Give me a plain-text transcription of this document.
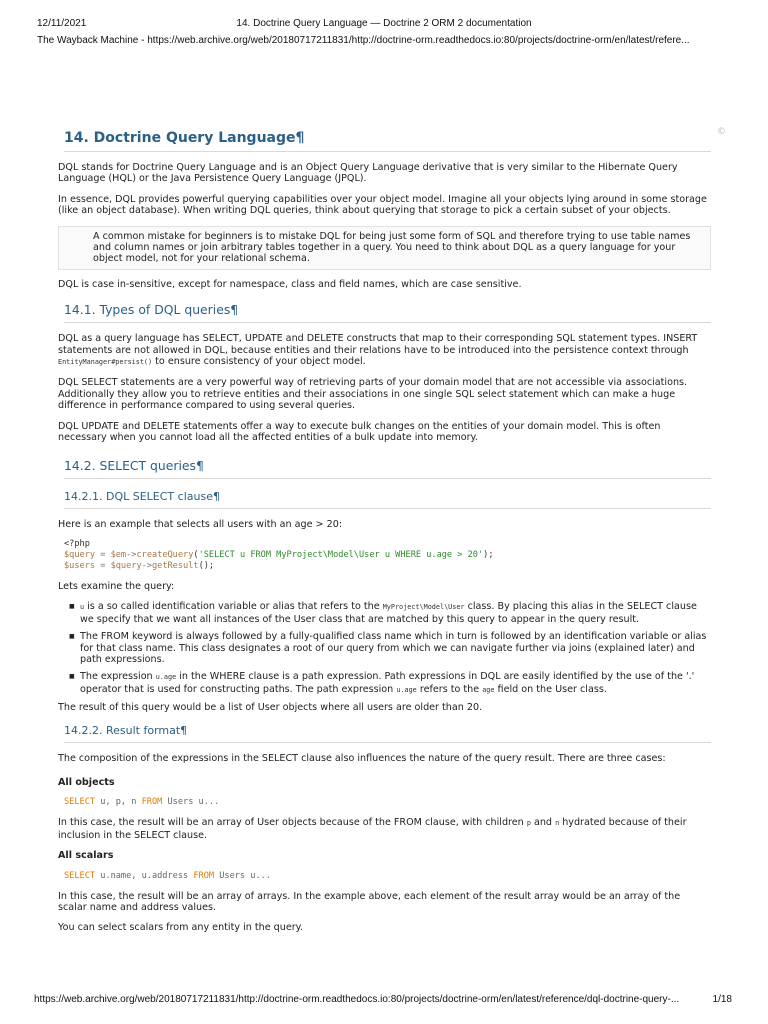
12/11/2021	14. Doctrine Query Language — Doctrine 2 ORM 2 documentation
The Wayback Machine - https://web.archive.org/web/20180717211831/http://doctrine-orm.readthedocs.io:80/projects/doctrine-orm/en/latest/refere...
©
14. Doctrine Query Language¶

DQL stands for Doctrine Query Language and is an Object Query Language derivative that is very similar to the Hibernate Query Language (HQL) or the Java Persistence Query Language (JPQL).

In essence, DQL provides powerful querying capabilities over your object model. Imagine all your objects lying around in some storage (like an object database). When writing DQL queries, think about querying that storage to pick a certain subset of your objects.

A common mistake for beginners is to mistake DQL for being just some form of SQL and therefore trying to use table names and column names or join arbitrary tables together in a query. You need to think about DQL as a query language for your object model, not for your relational schema.

DQL is case in-sensitive, except for namespace, class and field names, which are case sensitive.

14.1. Types of DQL queries¶

DQL as a query language has SELECT, UPDATE and DELETE constructs that map to their corresponding SQL statement types. INSERT statements are not allowed in DQL, because entities and their relations have to be introduced into the persistence context through EntityManager#persist() to ensure consistency of your object model.

DQL SELECT statements are a very powerful way of retrieving parts of your domain model that are not accessible via associations. Additionally they allow you to retrieve entities and their associations in one single SQL select statement which can make a huge difference in performance compared to using several queries.

DQL UPDATE and DELETE statements offer a way to execute bulk changes on the entities of your domain model. This is often necessary when you cannot load all the affected entities of a bulk update into memory.

14.2. SELECT queries¶
14.2.1. DQL SELECT clause¶

Here is an example that selects all users with an age > 20:

<?php
$query = $em->createQuery('SELECT u FROM MyProject\Model\User u WHERE u.age > 20');
$users = $query->getResult();

Lets examine the query:

■ u is a so called identification variable or alias that refers to the MyProject\Model\User class. By placing this alias in the SELECT clause we specify that we want all instances of the User class that are matched by this query to appear in the query result.
■ The FROM keyword is always followed by a fully-qualified class name which in turn is followed by an identification variable or alias for that class name. This class designates a root of our query from which we can navigate further via joins (explained later) and path expressions.
■ The expression u.age in the WHERE clause is a path expression. Path expressions in DQL are easily identified by the use of the '.' operator that is used for constructing paths. The path expression u.age refers to the age field on the User class.

The result of this query would be a list of User objects where all users are older than 20.

14.2.2. Result format¶

The composition of the expressions in the SELECT clause also influences the nature of the query result. There are three cases:

All objects
SELECT u, p, n FROM Users u...

In this case, the result will be an array of User objects because of the FROM clause, with children p and n hydrated because of their inclusion in the SELECT clause.

All scalars
SELECT u.name, u.address FROM Users u...

In this case, the result will be an array of arrays. In the example above, each element of the result array would be an array of the scalar name and address values.

You can select scalars from any entity in the query.

https://web.archive.org/web/20180717211831/http://doctrine-orm.readthedocs.io:80/projects/doctrine-orm/en/latest/reference/dql-doctrine-query-...	1/18
